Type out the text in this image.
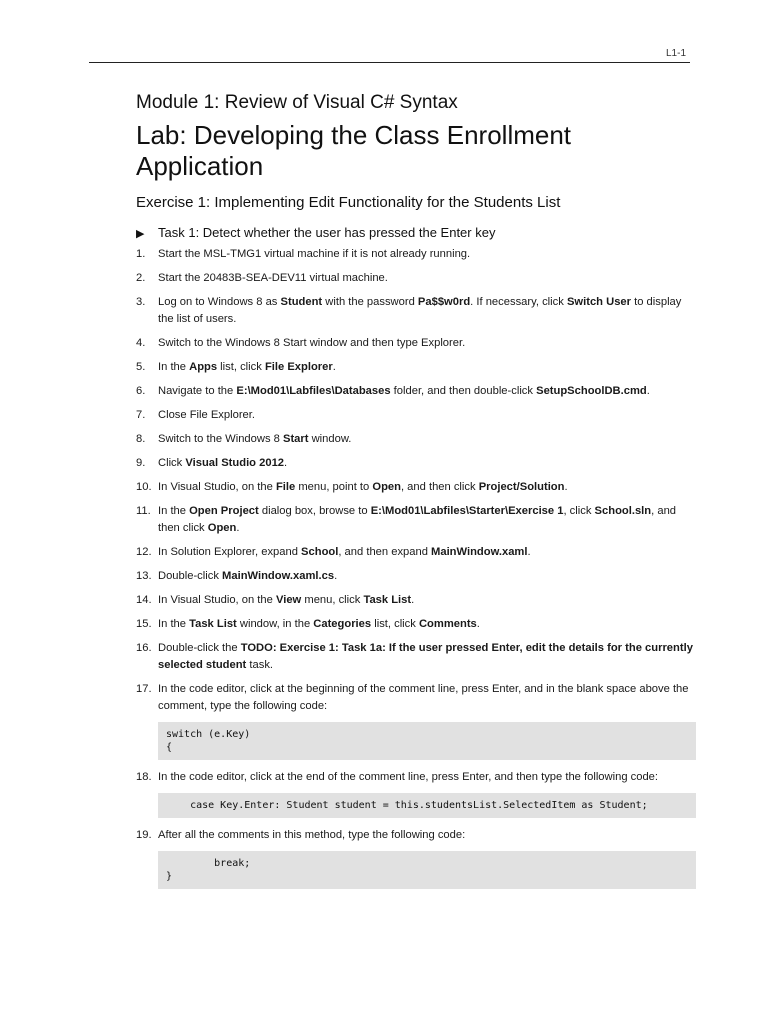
L1-1
Module 1: Review of Visual C# Syntax
Lab: Developing the Class Enrollment Application
Exercise 1: Implementing Edit Functionality for the Students List
▶ Task 1: Detect whether the user has pressed the Enter key
1.	Start the MSL-TMG1 virtual machine if it is not already running.
2.	Start the 20483B-SEA-DEV11 virtual machine.
3.	Log on to Windows 8 as Student with the password Pa$$w0rd. If necessary, click Switch User to display the list of users.
4.	Switch to the Windows 8 Start window and then type Explorer.
5.	In the Apps list, click File Explorer.
6.	Navigate to the E:\Mod01\Labfiles\Databases folder, and then double-click SetupSchoolDB.cmd.
7.	Close File Explorer.
8.	Switch to the Windows 8 Start window.
9.	Click Visual Studio 2012.
10. In Visual Studio, on the File menu, point to Open, and then click Project/Solution.
11. In the Open Project dialog box, browse to E:\Mod01\Labfiles\Starter\Exercise 1, click School.sln, and then click Open.
12. In Solution Explorer, expand School, and then expand MainWindow.xaml.
13. Double-click MainWindow.xaml.cs.
14. In Visual Studio, on the View menu, click Task List.
15. In the Task List window, in the Categories list, click Comments.
16. Double-click the TODO: Exercise 1: Task 1a: If the user pressed Enter, edit the details for the currently selected student task.
17. In the code editor, click at the beginning of the comment line, press Enter, and in the blank space above the comment, type the following code:
switch (e.Key)
{
18. In the code editor, click at the end of the comment line, press Enter, and then type the following code:
case Key.Enter: Student student = this.studentsList.SelectedItem as Student;
19. After all the comments in this method, type the following code:
break;
}
